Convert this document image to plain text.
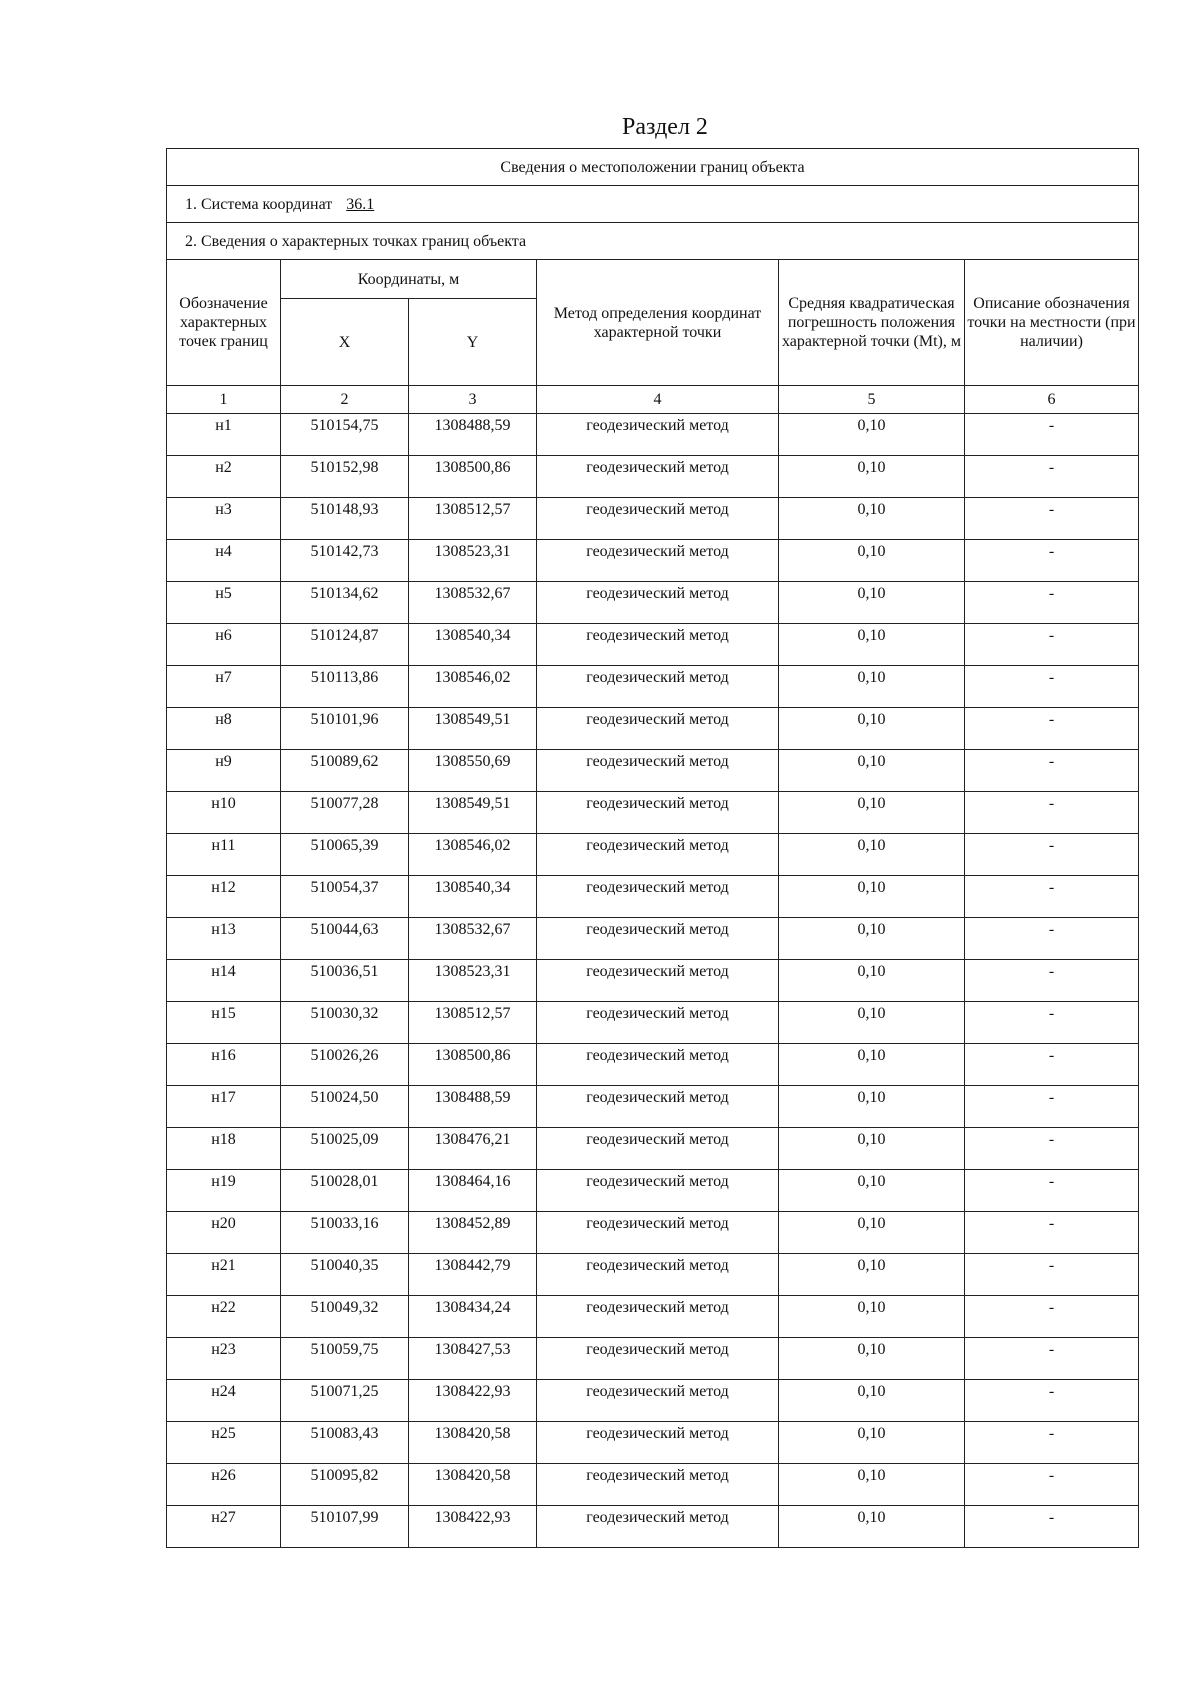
Раздел 2

Сведения о местоположении границ объекта					
1. Система координат 36.1					
2. Сведения о характерных точках границ объекта					
Обозначение характерных точек границ	Координаты, м		Метод определения координат характерной точки	Средняя квадратическая погрешность положения характерной точки (Mt), м	Описание обозначения точки на местности (при наличии)
	X	Y			
1	2	3	4	5	6
н1	510154,75	1308488,59	геодезический метод	0,10	-
н2	510152,98	1308500,86	геодезический метод	0,10	-
н3	510148,93	1308512,57	геодезический метод	0,10	-
н4	510142,73	1308523,31	геодезический метод	0,10	-
н5	510134,62	1308532,67	геодезический метод	0,10	-
н6	510124,87	1308540,34	геодезический метод	0,10	-
н7	510113,86	1308546,02	геодезический метод	0,10	-
н8	510101,96	1308549,51	геодезический метод	0,10	-
н9	510089,62	1308550,69	геодезический метод	0,10	-
н10	510077,28	1308549,51	геодезический метод	0,10	-
н11	510065,39	1308546,02	геодезический метод	0,10	-
н12	510054,37	1308540,34	геодезический метод	0,10	-
н13	510044,63	1308532,67	геодезический метод	0,10	-
н14	510036,51	1308523,31	геодезический метод	0,10	-
н15	510030,32	1308512,57	геодезический метод	0,10	-
н16	510026,26	1308500,86	геодезический метод	0,10	-
н17	510024,50	1308488,59	геодезический метод	0,10	-
н18	510025,09	1308476,21	геодезический метод	0,10	-
н19	510028,01	1308464,16	геодезический метод	0,10	-
н20	510033,16	1308452,89	геодезический метод	0,10	-
н21	510040,35	1308442,79	геодезический метод	0,10	-
н22	510049,32	1308434,24	геодезический метод	0,10	-
н23	510059,75	1308427,53	геодезический метод	0,10	-
н24	510071,25	1308422,93	геодезический метод	0,10	-
н25	510083,43	1308420,58	геодезический метод	0,10	-
н26	510095,82	1308420,58	геодезический метод	0,10	-
н27	510107,99	1308422,93	геодезический метод	0,10	-
